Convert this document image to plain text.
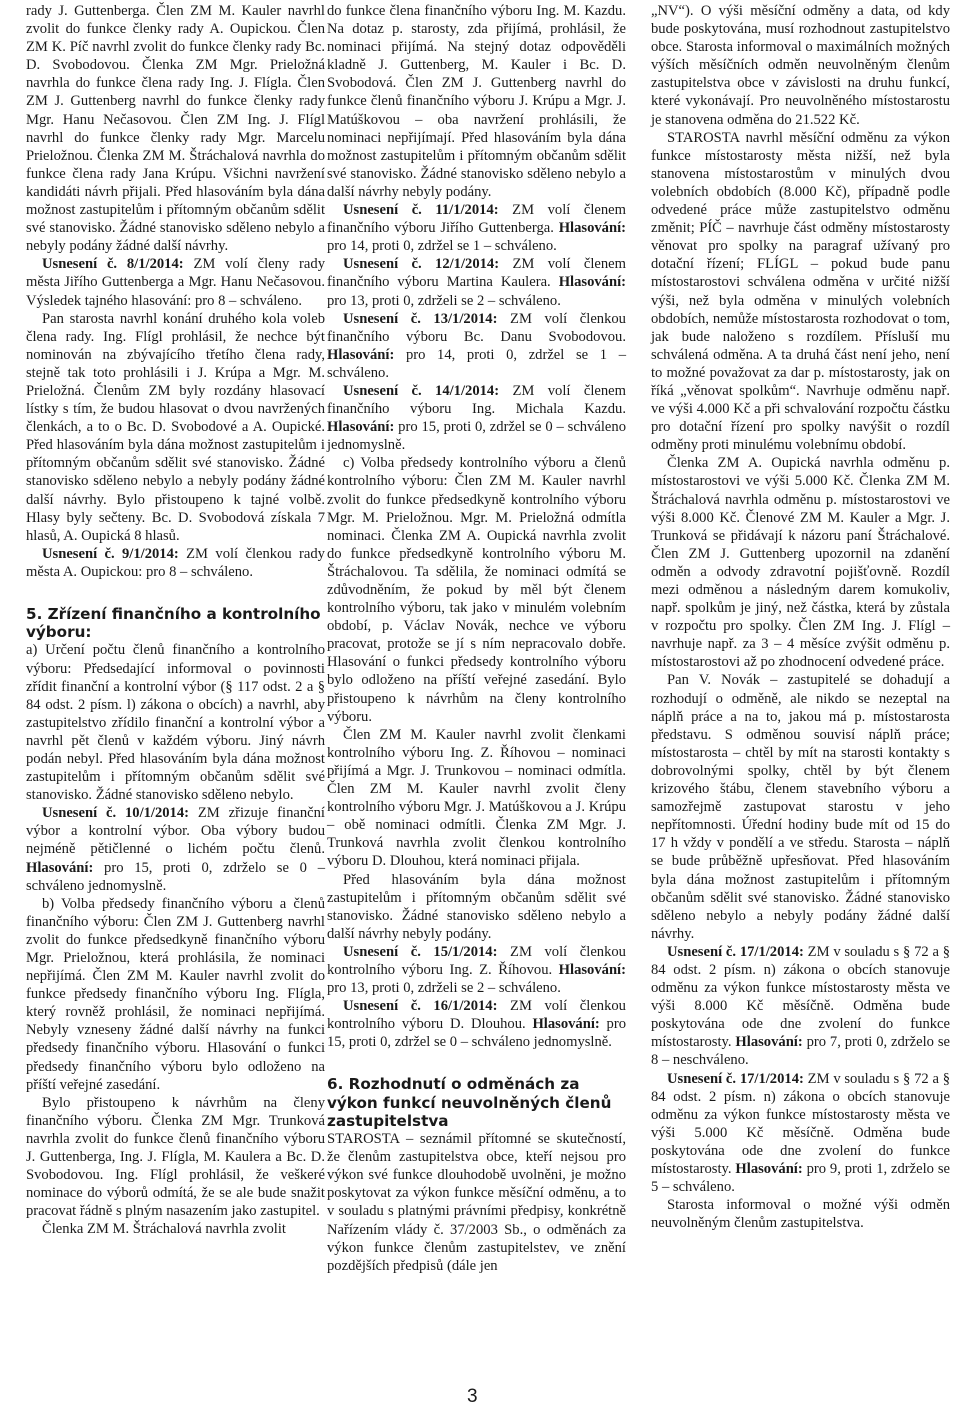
rady J. Guttenberga. Člen ZM M. Kauler navrhl zvolit do funkce členky rady A. Oupickou. Člen ZM K. Píč navrhl zvolit do funkce členky rady Bc. D. Svobodovou. Členka ZM Mgr. Prieložná navrhla do funkce člena rady Ing. J. Flígla. Člen ZM J. Guttenberg navrhl do funkce členky rady Mgr. Hanu Nečasovou. Člen ZM Ing. J. Flígl navrhl do funkce členky rady Mgr. Marcelu Prieložnou. Členka ZM M. Štráchalová navrhla do funkce člena rady Jana Krúpu. Všichni navržení kandidáti návrh přijali. Před hlasováním byla dána možnost zastupitelům i přítomným občanům sdělit své stanovisko. Žádné stanovisko sděleno nebylo a nebyly podány žádné další návrhy.

Usnesení č. 8/1/2014: ZM volí členy rady města Jiřího Guttenberga a Mgr. Hanu Nečasovou. Výsledek tajného hlasování: pro 8 – schváleno.

Pan starosta navrhl konání druhého kola voleb člena rady. Ing. Flígl prohlásil, že nechce být nominován na zbývajícího třetího člena rady, stejně tak toto prohlásili i J. Krúpa a Mgr. M. Prieložná. Členům ZM byly rozdány hlasovací lístky s tím, že budou hlasovat o dvou navržených členkách, a to o Bc. D. Svobodové a A. Oupické. Před hlasováním byla dána možnost zastupitelům i přítomným občanům sdělit své stanovisko. Žádné stanovisko sděleno nebylo a nebyly podány žádné další návrhy. Bylo přistoupeno k tajné volbě. Hlasy byly sečteny. Bc. D. Svobodová získala 7 hlasů, A. Oupická 8 hlasů.

Usnesení č. 9/1/2014: ZM volí členkou rady města A. Oupickou: pro 8 – schváleno.

5. Zřízení finančního a kontrolního výboru:

a) Určení počtu členů finančního a kontrolního výboru: Předsedající informoval o povinnosti zřídit finanční a kontrolní výbor (§ 117 odst. 2 a § 84 odst. 2 písm. l) zákona o obcích) a navrhl, aby zastupitelstvo zřídilo finanční a kontrolní výbor a navrhl pět členů v každém výboru. Jiný návrh podán nebyl. Před hlasováním byla dána možnost zastupitelům i přítomným občanům sdělit své stanovisko. Žádné stanovisko sděleno nebylo.

Usnesení č. 10/1/2014: ZM zřizuje finanční výbor a kontrolní výbor. Oba výbory budou nejméně pětičlenné o lichém počtu členů. Hlasování: pro 15, proti 0, zdrželo se 0 – schváleno jednomyslně.

b) Volba předsedy finančního výboru a členů finančního výboru: Člen ZM J. Guttenberg navrhl zvolit do funkce předsedkyně finančního výboru Mgr. Prieložnou, která prohlásila, že nominaci nepřijímá. Člen ZM M. Kauler navrhl zvolit do funkce předsedy finančního výboru Ing. Flígla, který rovněž prohlásil, že nominaci nepřijímá. Nebyly vzneseny žádné další návrhy na funkci předsedy finančního výboru. Hlasování o funkci předsedy finančního výboru bylo odloženo na příští veřejné zasedání.

Bylo přistoupeno k návrhům na členy finančního výboru. Členka ZM Mgr. Trunková navrhla zvolit do funkce členů finančního výboru J. Guttenberga, Ing. J. Flígla, M. Kaulera a Bc. D. Svobodovou. Ing. Flígl prohlásil, že veškeré nominace do výborů odmítá, že se ale bude snažit pracovat řádně s plným nasazením jako zastupitel.

Členka ZM M. Štráchalová navrhla zvolit

do funkce člena finančního výboru Ing. M. Kazdu. Na dotaz p. starosty, zda přijímá, prohlásil, že nominaci přijímá. Na stejný dotaz odpověděli kladně J. Guttenberg, M. Kauler i Bc. D. Svobodová. Člen ZM J. Guttenberg navrhl do funkce členů finančního výboru J. Krúpu a Mgr. J. Matúškovou – oba navržení prohlásili, že nominaci nepřijímají. Před hlasováním byla dána možnost zastupitelům i přítomným občanům sdělit své stanovisko. Žádné stanovisko sděleno nebylo a další návrhy nebyly podány.

Usnesení č. 11/1/2014: ZM volí členem finančního výboru Jiřího Guttenberga. Hlasování: pro 14, proti 0, zdržel se 1 – schváleno.

Usnesení č. 12/1/2014: ZM volí členem finančního výboru Martina Kaulera. Hlasování: pro 13, proti 0, zdrželi se 2 – schváleno.

Usnesení č. 13/1/2014: ZM volí členkou finančního výboru Bc. Danu Svobodovou. Hlasování: pro 14, proti 0, zdržel se 1 – schváleno.

Usnesení č. 14/1/2014: ZM volí členem finančního výboru Ing. Michala Kazdu. Hlasování: pro 15, proti 0, zdržel se 0 – schváleno jednomyslně.

c) Volba předsedy kontrolního výboru a členů kontrolního výboru: Člen ZM M. Kauler navrhl zvolit do funkce předsedkyně kontrolního výboru Mgr. M. Prieložnou. Mgr. M. Prieložná odmítla nominaci. Členka ZM A. Oupická navrhla zvolit do funkce předsedkyně kontrolního výboru M. Štráchalovou. Ta sdělila, že nominaci odmítá se zdůvodněním, že pokud by měl být členem kontrolního výboru, tak jako v minulém volebním období, p. Václav Novák, nechce ve výboru pracovat, protože se jí s ním nepracovalo dobře. Hlasování o funkci předsedy kontrolního výboru bylo odloženo na příští veřejné zasedání. Bylo přistoupeno k návrhům na členy kontrolního výboru.

Člen ZM M. Kauler navrhl zvolit členkami kontrolního výboru Ing. Z. Říhovou – nominaci přijímá a Mgr. J. Trunkovou – nominaci odmítla. Člen ZM M. Kauler navrhl zvolit členy kontrolního výboru Mgr. J. Matúškovou a J. Krúpu – obě nominaci odmítli. Členka ZM Mgr. J. Trunková navrhla zvolit členkou kontrolního výboru D. Dlouhou, která nominaci přijala.

Před hlasováním byla dána možnost zastupitelům i přítomným občanům sdělit své stanovisko. Žádné stanovisko sděleno nebylo a další návrhy nebyly podány.

Usnesení č. 15/1/2014: ZM volí členkou kontrolního výboru Ing. Z. Říhovou. Hlasování: pro 13, proti 0, zdrželi se 2 – schváleno.

Usnesení č. 16/1/2014: ZM volí členkou kontrolního výboru D. Dlouhou. Hlasování: pro 15, proti 0, zdržel se 0 – schváleno jednomyslně.

6. Rozhodnutí o odměnách za výkon funkcí neuvolněných členů zastupitelstva

STAROSTA – seznámil přítomné se skutečností, že členům zastupitelstva obce, kteří nejsou pro výkon své funkce dlouhodobě uvolněni, je možno poskytovat za výkon funkce měsíční odměnu, a to v souladu s platnými právními předpisy, konkrétně Nařízením vlády č. 37/2003 Sb., o odměnách za výkon funkce členům zastupitelstev, ve znění pozdějších předpisů (dále jen

„NV“). O výši měsíční odměny a data, od kdy bude poskytována, musí rozhodnout zastupitelstvo obce. Starosta informoval o maximálních možných výších měsíčních odměn neuvolněným členům zastupitelstva obce v závislosti na druhu funkcí, které vykonávají. Pro neuvolněného místostarostu je stanovena odměna do 21.522 Kč.

STAROSTA navrhl měsíční odměnu za výkon funkce místostarosty města nižší, než byla stanovena místostarostům v minulých dvou volebních obdobích (8.000 Kč), případně podle odvedené práce může zastupitelstvo odměnu změnit; PÍČ – navrhuje část odměny místostarosty věnovat pro spolky na paragraf užívaný pro dotační řízení; FLÍGL – pokud bude panu místostarostovi schválena odměna v určité nižší výši, než byla odměna v minulých volebních obdobích, nemůže místostarosta rozhodovat o tom, jak bude naloženo s rozdílem. Přísluší mu schválená odměna. A ta druhá část není jeho, není to možné považovat za dar p. místostarosty, jak on říká „věnovat spolkům“. Navrhuje odměnu např. ve výši 4.000 Kč a při schvalování rozpočtu částku pro dotační řízení pro spolky navýšit o rozdíl odměny proti minulému volebnímu období.

Členka ZM A. Oupická navrhla odměnu p. místostarostovi ve výši 5.000 Kč. Členka ZM M. Štráchalová navrhla odměnu p. místostarostovi ve výši 8.000 Kč. Členové ZM M. Kauler a Mgr. J. Trunková se přidávají k názoru paní Štráchalové. Člen ZM J. Guttenberg upozornil na zdanění odměn a odvody zdravotní pojišťovně. Rozdíl mezi odměnou a následným darem komukoliv, např. spolkům je jiný, než částka, která by zůstala v rozpočtu pro spolky. Člen ZM Ing. J. Flígl – navrhuje např. za 3 – 4 měsíce zvýšit odměnu p. místostarostovi až po zhodnocení odvedené práce.

Pan V. Novák – zastupitelé se dohadují a rozhodují o odměně, ale nikdo se nezeptal na náplň práce a na to, jakou má p. místostarosta představu. S odměnou souvisí náplň práce; místostarosta – chtěl by mít na starosti kontakty s dobrovolnými spolky, chtěl by být členem krizového štábu, členem stavebního výboru a samozřejmě zastupovat starostu v jeho nepřítomnosti. Úřední hodiny bude mít od 15 do 17 h vždy v pondělí a ve středu. Starosta – náplň se bude průběžně upřesňovat. Před hlasováním byla dána možnost zastupitelům i přítomným občanům sdělit své stanovisko. Žádné stanovisko sděleno nebylo a nebyly podány žádné další návrhy.

Usnesení č. 17/1/2014: ZM v souladu s § 72 a § 84 odst. 2 písm. n) zákona o obcích stanovuje odměnu za výkon funkce místostarosty města ve výši 8.000 Kč měsíčně. Odměna bude poskytována ode dne zvolení do funkce místostarosty. Hlasování: pro 7, proti 0, zdrželo se 8 – neschváleno.

Usnesení č. 17/1/2014: ZM v souladu s § 72 a § 84 odst. 2 písm. n) zákona o obcích stanovuje odměnu za výkon funkce místostarosty města ve výši 5.000 Kč měsíčně. Odměna bude poskytována ode dne zvolení do funkce místostarosty. Hlasování: pro 9, proti 1, zdrželo se 5 – schváleno.

Starosta informoval o možné výši odměn neuvolněným členům zastupitelstva.

3
